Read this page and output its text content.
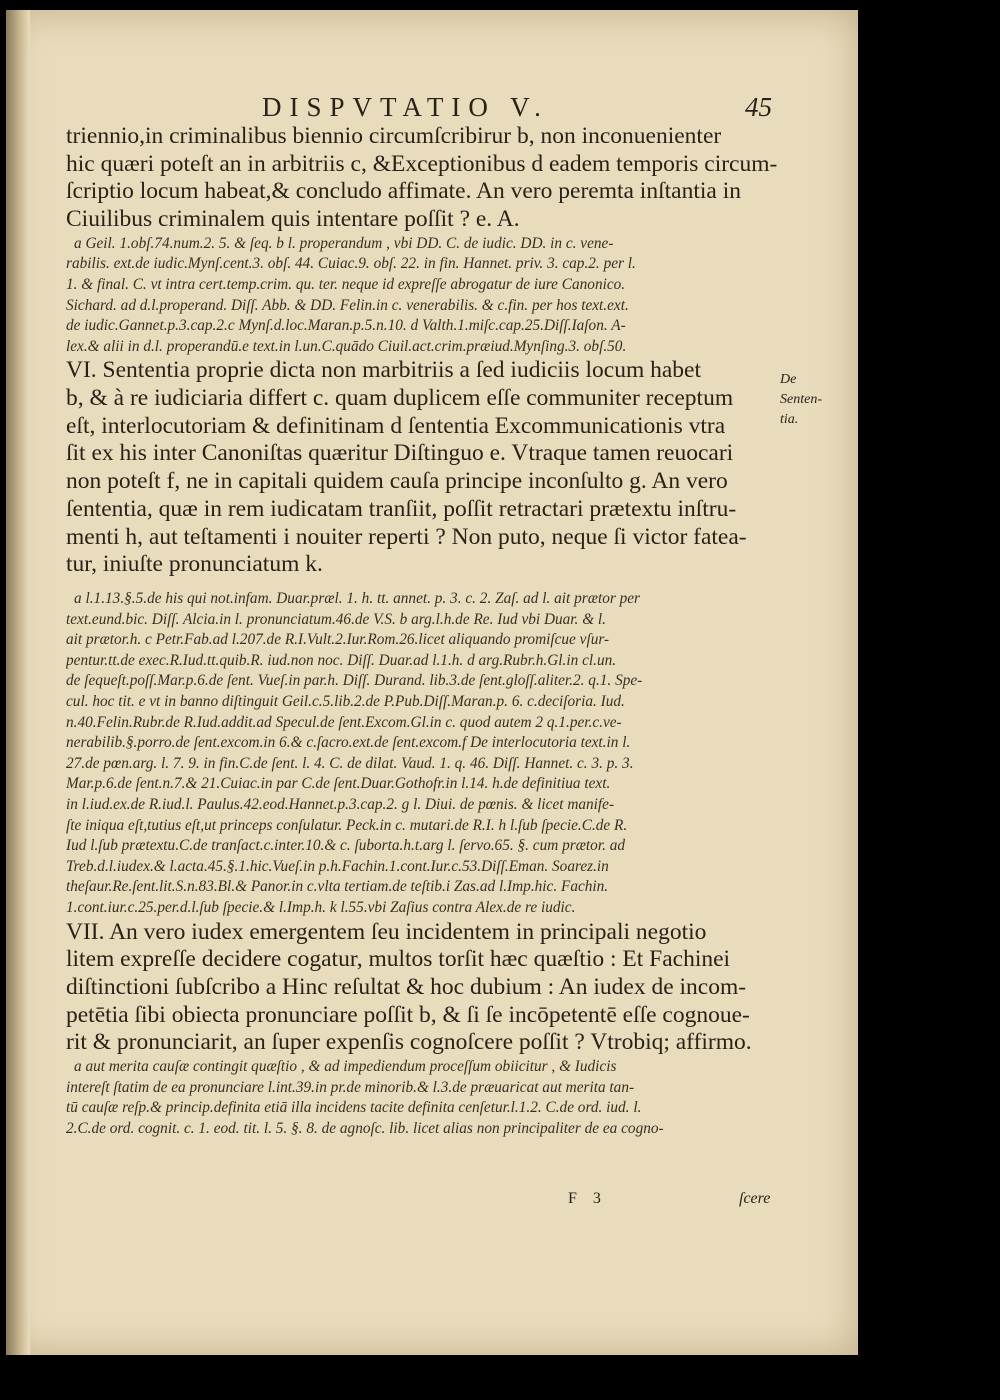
DISPVTATIO V.	45
triennio,in criminalibus biennio circumſcribirur b, non inconuenienter
hic quæri poteſt an in arbitriis c, &Exceptionibus d eadem temporis circum-
ſcriptio locum habeat,& concludo affimate. An vero peremta inſtantia in
Ciuilibus criminalem quis intentare poſſit ? e. A.
a Geil. 1.obſ.74.num.2. 5. & ſeq. b l. properandum , vbi DD. C. de iudic. DD. in c. vene-
rabilis. ext.de iudic.Mynſ.cent.3. obſ. 44. Cuiac.9. obſ. 22. in fin. Hannet. priv. 3. cap.2. per l.
1. & final. C. vt intra cert.temp.crim. qu. ter. neque id expreſſe abrogatur de iure Canonico.
Sichard. ad d.l.properand. Diſſ. Abb. & DD. Felin.in c. venerabilis. & c.fin. per hos text.ext.
de iudic.Gannet.p.3.cap.2.c Mynſ.d.loc.Maran.p.5.n.10. d Valth.1.miſc.cap.25.Diſſ.Iaſon. A-
lex.& alii in d.l. properandū.e text.in l.un.C.quādo Ciuil.act.crim.præiud.Mynſing.3. obſ.50.
VI. Sententia proprie dicta non marbitriis a ſed iudiciis locum habet
b, & à re iudiciaria differt c. quam duplicem eſſe communiter receptum
eſt, interlocutoriam & definitinam d ſententia Excommunicationis vtra
ſit ex his inter Canoniſtas quæritur Diſtinguo e. Vtraque tamen reuocari
non poteſt f, ne in capitali quidem cauſa principe inconſulto g. An vero
ſententia, quæ in rem iudicatam tranſiit, poſſit retractari prætextu inſtru-
menti h, aut teſtamenti i nouiter reperti ? Non puto, neque ſi victor fatea-
tur, iniuſte pronunciatum k.
a l.1.13.§.5.de his qui not.infam. Duar.præl. 1. h. tt. annet. p. 3. c. 2. Zaſ. ad l. ait prætor per
text.eund.bic. Diſſ. Alcia.in l. pronunciatum.46.de V.S. b arg.l.h.de Re. Iud vbi Duar. & l.
ait prætor.h. c Petr.Fab.ad l.207.de R.I.Vult.2.Iur.Rom.26.licet aliquando promiſcue vſur-
pentur.tt.de exec.R.Iud.tt.quib.R. iud.non noc. Diſſ. Duar.ad l.1.h. d arg.Rubr.h.Gl.in cl.un.
de ſequeſt.poſſ.Mar.p.6.de ſent. Vueſ.in par.h. Diſſ. Durand. lib.3.de ſent.gloſſ.aliter.2. q.1. Spe-
cul. hoc tit. e vt in banno diſtinguit Geil.c.5.lib.2.de P.Pub.Diſſ.Maran.p. 6. c.deciſoria. Iud.
n.40.Felin.Rubr.de R.Iud.addit.ad Specul.de ſent.Excom.Gl.in c. quod autem 2 q.1.per.c.ve-
nerabilib.§.porro.de ſent.excom.in 6.& c.ſacro.ext.de ſent.excom.f De interlocutoria text.in l.
27.de pœn.arg. l. 7. 9. in fin.C.de ſent. l. 4. C. de dilat. Vaud. 1. q. 46. Diſſ. Hannet. c. 3. p. 3.
Mar.p.6.de ſent.n.7.& 21.Cuiac.in par C.de ſent.Duar.Gothofr.in l.14. h.de definitiua text.
in l.iud.ex.de R.iud.l. Paulus.42.eod.Hannet.p.3.cap.2. g l. Diui. de pœnis. & licet manife-
ſte iniqua eſt,tutius eſt,ut princeps conſulatur. Peck.in c. mutari.de R.I. h l.ſub ſpecie.C.de R.
Iud l.ſub prætextu.C.de tranſact.c.inter.10.& c. ſuborta.h.t.arg l. ſervo.65. §. cum prætor. ad
Treb.d.l.iudex.& l.acta.45.§.1.hic.Vueſ.in p.h.Fachin.1.cont.Iur.c.53.Diſſ.Eman. Soarez.in
theſaur.Re.ſent.lit.S.n.83.Bl.& Panor.in c.vlta tertiam.de teſtib.i Zas.ad l.Imp.hic. Fachin.
1.cont.iur.c.25.per.d.l.ſub ſpecie.& l.Imp.h. k l.55.vbi Zaſius contra Alex.de re iudic.
VII. An vero iudex emergentem ſeu incidentem in principali negotio
litem expreſſe decidere cogatur, multos torſit hæc quæſtio : Et Fachinei
diſtinctioni ſubſcribo a Hinc reſultat & hoc dubium : An iudex de incom-
petētia ſibi obiecta pronunciare poſſit b, & ſi ſe incōpetentē eſſe cognoue-
rit & pronunciarit, an ſuper expenſis cognoſcere poſſit ? Vtrobiq; affirmo.
a aut merita cauſæ contingit quæſtio , & ad impediendum proceſſum obiicitur , & Iudicis
intereſt ſtatim de ea pronunciare l.int.39.in pr.de minorib.& l.3.de præuaricat aut merita tan-
tū cauſæ reſp.& princip.definita etiā illa incidens tacite definita cenſetur.l.1.2. C.de ord. iud. l.
2.C.de ord. cognit. c. 1. eod. tit. l. 5. §. 8. de agnoſc. lib. licet alias non principaliter de ea cogno-
De
Senten-
tia.
F 3	ſcere
